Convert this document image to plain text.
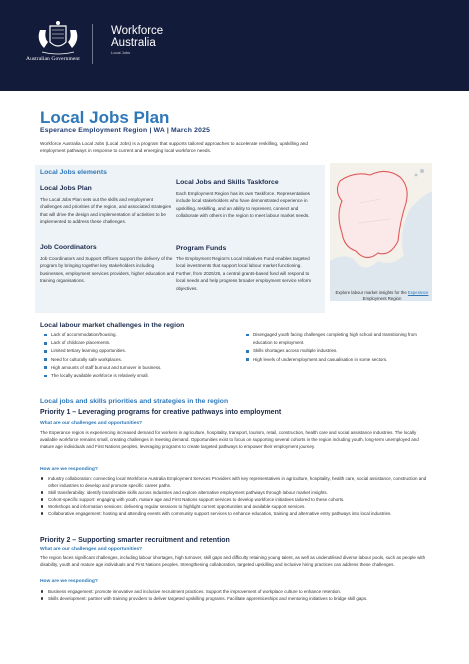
Australian Government
Workforce
Australia
Local Jobs
Local Jobs Plan
Esperance Employment Region | WA | March 2025
Workforce Australia Local Jobs (Local Jobs) is a program that supports tailored approaches to accelerate reskilling, upskilling and employment pathways in response to current and emerging local workforce needs.
Local Jobs elements
Local Jobs Plan
The Local Jobs Plan sets out the skills and employment challenges and priorities of the region, and associated strategies that will drive the design and implementation of activities to be implemented to address these challenges.
Job Coordinators
Job Coordinators and Support Officers support the delivery of the program by bringing together key stakeholders including businesses, employment services providers, higher education and training organisations.
Local Jobs and Skills Taskforce
Each Employment Region has its own Taskforce. Representatives include local stakeholders who have demonstrated experience in upskilling, reskilling, and an ability to represent, connect and collaborate with others in the region to meet labour market needs.
Program Funds
The Employment Region's Local Initiatives Fund enables targeted local investments that support local labour market functioning. Further, from 2025/26, a central grants-based fund will respond to local needs and help progress broader employment service reform objectives.
Explore labour market insights for the Esperance Employment Region
Local labour market challenges in the region
Lack of accommodation/housing.
Lack of childcare placements.
Limited tertiary learning opportunities.
Need for culturally safe workplaces.
High amounts of staff burnout and turnover in business.
The locally available workforce is relatively small.
Disengaged youth facing challenges completing high school and transitioning from education to employment.
Skills shortages across multiple industries.
High levels of underemployment and casualisation in some sectors.
Local jobs and skills priorities and strategies in the region
Priority 1 – Leveraging programs for creative pathways into employment
What are our challenges and opportunities?
The Esperance region is experiencing increased demand for workers in agriculture, hospitality, transport, tourism, retail, construction, health care and social assistance industries. The locally available workforce remains small, creating challenges in meeting demand. Opportunities exist to focus on supporting several cohorts in the region including youth, long-term unemployed and mature age individuals and First Nations peoples, leveraging programs to create targeted pathways to empower their employment journey.
How are we responding?
Industry collaboration: connecting local Workforce Australia Employment Services Providers with key representatives in agriculture, hospitality, health care, social assistance, construction and other industries to develop and promote specific career paths.
Skill transferability: identify transferable skills across industries and explore alternative employment pathways through labour market insights.
Cohort-specific support: engaging with youth, mature age and First Nations support services to develop workforce initiatives tailored to these cohorts.
Workshops and information sessions: delivering regular sessions to highlight current opportunities and available support services.
Collaborative engagement: hosting and attending events with community support services to enhance education, training and alternative entry pathways into local industries.
Priority 2 – Supporting smarter recruitment and retention
What are our challenges and opportunities?
The region faces significant challenges, including labour shortages, high turnover, skill gaps and difficulty retaining young talent, as well as underutilised diverse labour pools, such as people with disability, youth and mature age individuals and First Nations peoples. Strengthening collaboration, targeted upskilling and inclusive hiring practices can address these challenges.
How are we responding?
Business engagement: promote innovative and inclusive recruitment practices. Support the improvement of workplace culture to enhance retention.
Skills development: partner with training providers to deliver targeted upskilling programs. Facilitate apprenticeships and mentoring initiatives to bridge skill gaps.
